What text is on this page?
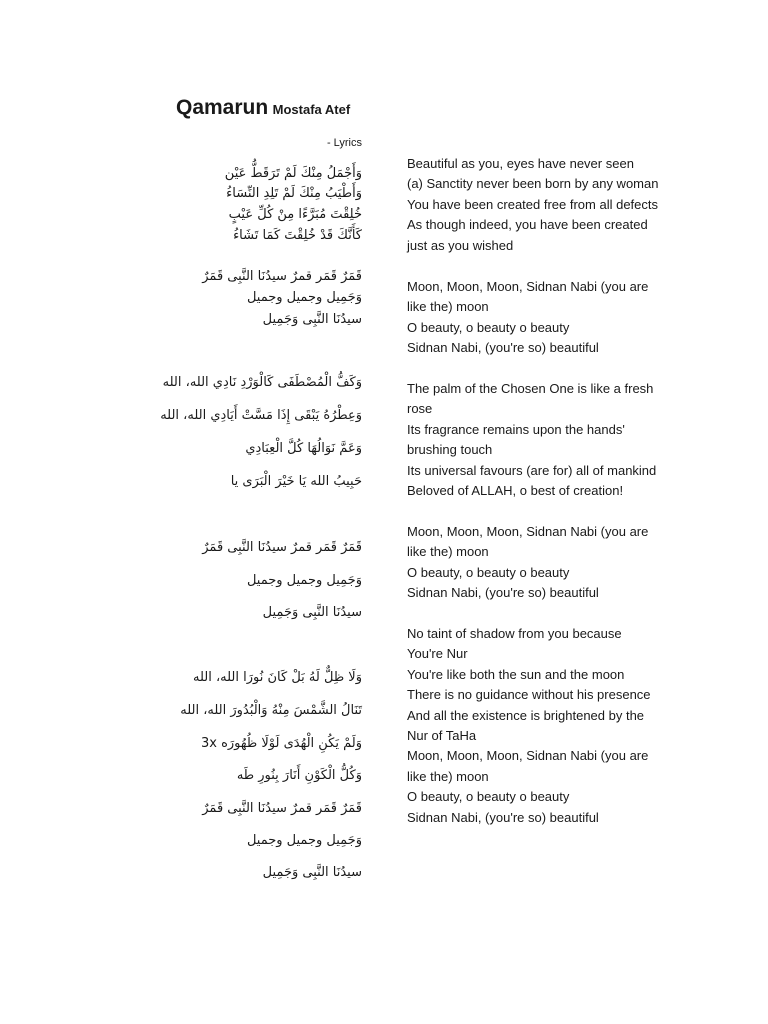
Qamarun Mostafa Atef
- Lyrics
وَأَجْمَلُ مِنْكَ لَمْ تَرَقَطُّ عَيْن
وَأَطْيَبُ مِنْكَ لَمْ تَلِدِ النِّسَاءُ
خُلِقْتَ مُبَرَّءًا مِنْ كُلِّ عَيْبٍ
كَأَنَّكَ قَدْ خُلِقْتَ كَمَا تَشَاءُ
قَمَرٌ قَمَر قمرٌ سيدُنَا النَّبِى قَمَرٌ
وَجَمِيل وجميل وجميل
سيدُنَا النَّبِى وَجَمِيل
وَكَفُّ الْمُصْطَفَى كَالْوَرْدِ نَادِي الله، الله
وَعِطْرُهُ يَبْقَى إِذَا مَسَّتْ أَيَادِي الله، الله
وَعَمَّ نَوَالُهَا كُلَّ الْعِبَادِي
حَبِيبُ الله يَا خَيْرَ الْبَرَى يا
قَمَرٌ قَمَر قمرٌ سيدُنَا النَّبِى قَمَرٌ
وَجَمِيل وجميل وجميل
سيدُنَا النَّبِى وَجَمِيل
وَلَا ظِلٌّ لَهُ بَلْ كَانَ نُورَا الله، الله
تَنَالُ الشَّمْسَ مِنْهُ وَالْبُدُورَ الله، الله
وَلَمْ يَكُنِ الْهُدَى لَوْلَا ظُهُورَه 3x
وَكُلُّ الْكَوْنِ أَنَارَ بِنُورِ طَه
قَمَرٌ قَمَر قمرٌ سيدُنَا النَّبِى قَمَرٌ
وَجَمِيل وجميل وجميل
سيدُنَا النَّبِى وَجَمِيل

Beautiful as you, eyes have never seen
(a) Sanctity never been born by any woman
You have been created free from all defects
As though indeed, you have been created
just as you wished

Moon, Moon, Moon, Sidnan Nabi (you are
like the) moon
O beauty, o beauty o beauty
Sidnan Nabi, (you're so) beautiful

The palm of the Chosen One is like a fresh
rose
Its fragrance remains upon the hands'
brushing touch
Its universal favours (are for) all of mankind
Beloved of ALLAH, o best of creation!

Moon, Moon, Moon, Sidnan Nabi (you are
like the) moon
O beauty, o beauty o beauty
Sidnan Nabi, (you're so) beautiful

No taint of shadow from you because
You're Nur
You're like both the sun and the moon
There is no guidance without his presence
And all the existence is brightened by the
Nur of TaHa
Moon, Moon, Moon, Sidnan Nabi (you are
like the) moon
O beauty, o beauty o beauty
Sidnan Nabi, (you're so) beautiful
